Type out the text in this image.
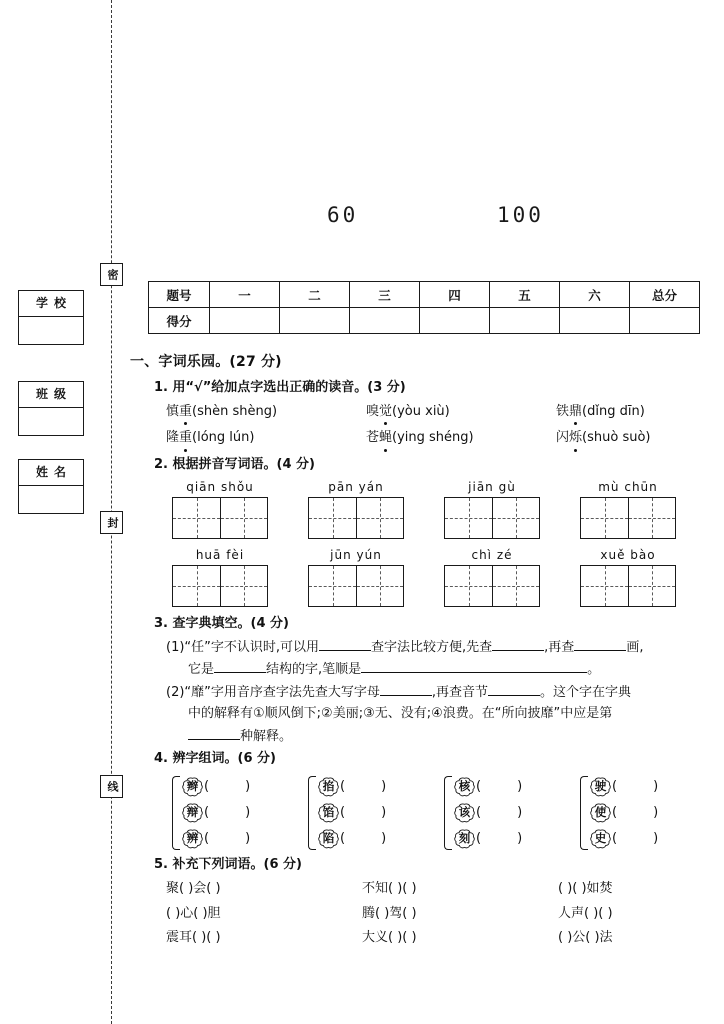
密
封
线
学校
班级
姓名
60	100
题号	一	二	三	四	五	六	总分
得分							
一、字词乐园。(27 分)
1. 用“√”给加点字选出正确的读音。(3 分)
慎重(shèn shèng)	嗅觉(yòu xiù)	铁鼎(dǐng dīn)
隆重(lóng lún)	苍蝇(ying shéng)	闪烁(shuò suò)
2. 根据拼音写词语。(4 分)
qiān shǒu	pān yán	jiān gù	mù chūn
huā fèi	jūn yún	chì zé	xuě bào
3. 查字典填空。(4 分)
(1)“任”字不认识时,可以用	查字法比较方便,先查	,再查	画,
它是	结构的字,笔顺是	。
(2)“靡”字用音序查字法先查大写字母	,再查音节	。这个字在字典
中的解释有①顺风倒下;②美丽;③无、没有;④浪费。在“所向披靡”中应是第
种解释。
4. 辨字组词。(6 分)
辫 (	)
辩 (	)
辨 (	)
掐 (	)
馅 (	)
陷 (	)
核 (	)
该 (	)
刻 (	)
驶 (	)
使 (	)
史 (	)
5. 补充下列词语。(6 分)
聚( )会( )	不知( )( )	( )( )如焚
( )心( )胆	腾( )驾( )	人声( )( )
震耳( )( )	大义( )( )	( )公( )法
